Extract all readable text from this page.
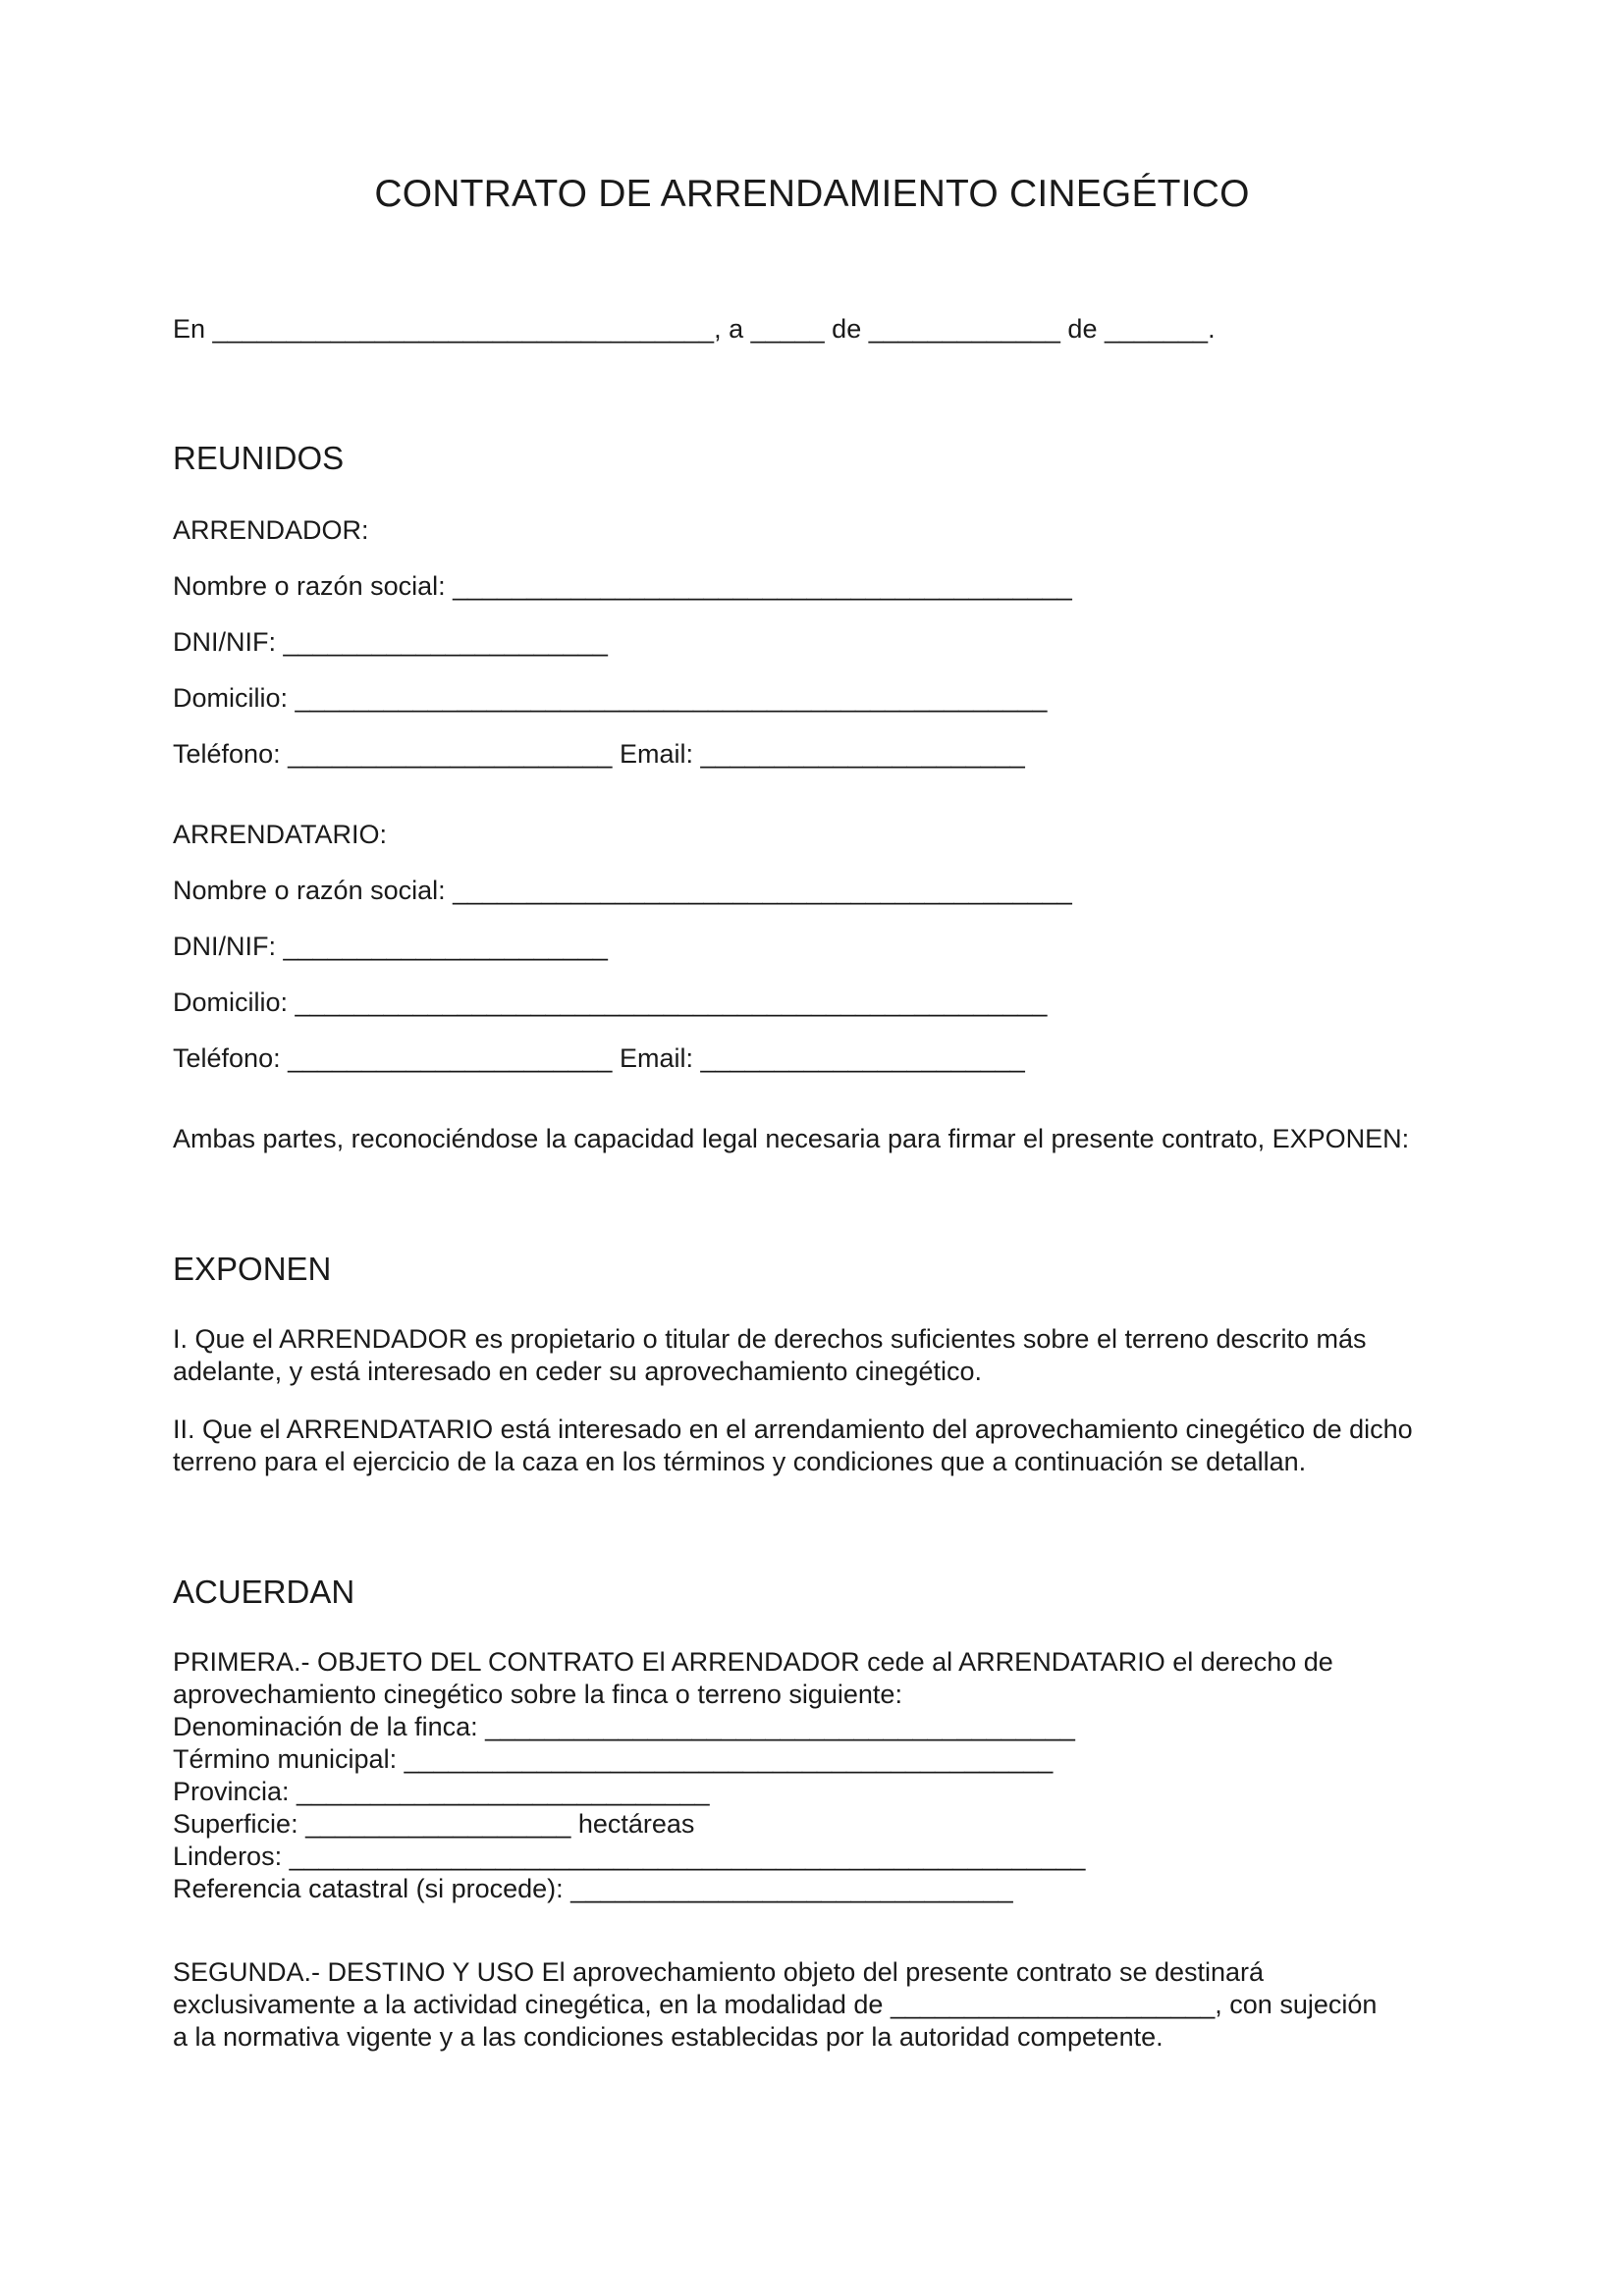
CONTRATO DE ARRENDAMIENTO CINEGÉTICO
En __________________________________, a _____ de _____________ de _______.
REUNIDOS
ARRENDADOR:
Nombre o razón social: __________________________________________
DNI/NIF: ______________________
Domicilio: ___________________________________________________
Teléfono: ______________________ Email: ______________________
ARRENDATARIO:
Nombre o razón social: __________________________________________
DNI/NIF: ______________________
Domicilio: ___________________________________________________
Teléfono: ______________________ Email: ______________________
Ambas partes, reconociéndose la capacidad legal necesaria para firmar el presente contrato, EXPONEN:
EXPONEN
I. Que el ARRENDADOR es propietario o titular de derechos suficientes sobre el terreno descrito más
adelante, y está interesado en ceder su aprovechamiento cinegético.
II. Que el ARRENDATARIO está interesado en el arrendamiento del aprovechamiento cinegético de dicho
terreno para el ejercicio de la caza en los términos y condiciones que a continuación se detallan.
ACUERDAN
PRIMERA.- OBJETO DEL CONTRATO El ARRENDADOR cede al ARRENDATARIO el derecho de
aprovechamiento cinegético sobre la finca o terreno siguiente:
Denominación de la finca: ________________________________________
Término municipal: ____________________________________________
Provincia: ____________________________
Superficie: __________________ hectáreas
Linderos: ______________________________________________________
Referencia catastral (si procede): ______________________________
SEGUNDA.- DESTINO Y USO El aprovechamiento objeto del presente contrato se destinará
exclusivamente a la actividad cinegética, en la modalidad de ______________________, con sujeción
a la normativa vigente y a las condiciones establecidas por la autoridad competente.
